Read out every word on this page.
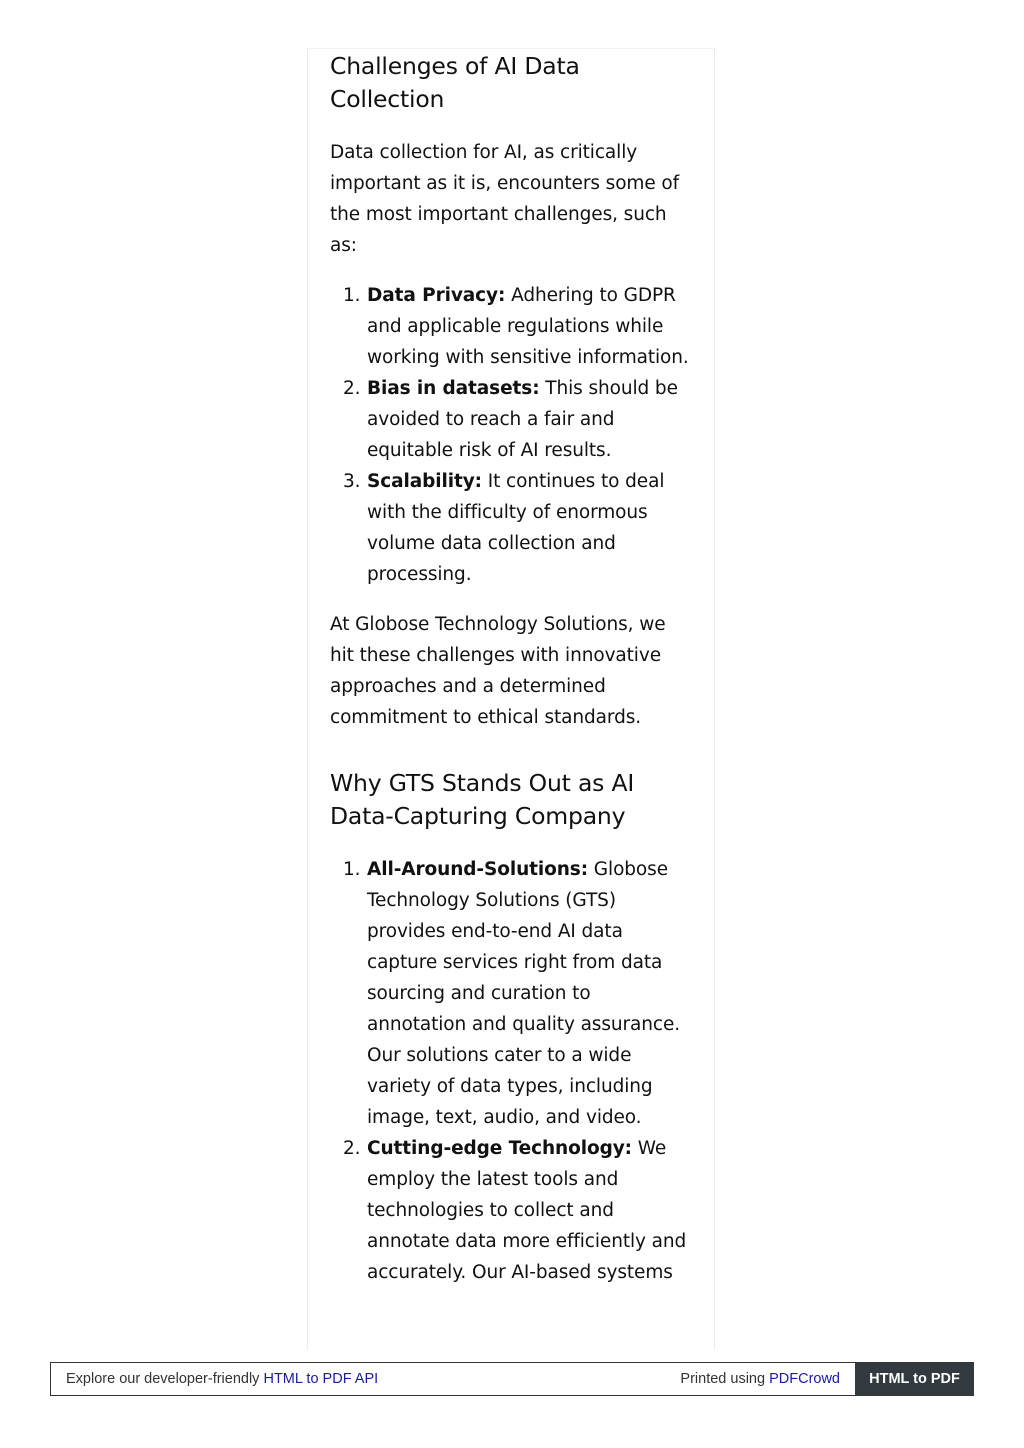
Challenges of AI Data Collection

Data collection for AI, as critically important as it is, encounters some of the most important challenges, such as:

1. Data Privacy: Adhering to GDPR and applicable regulations while working with sensitive information.
2. Bias in datasets: This should be avoided to reach a fair and equitable risk of AI results.
3. Scalability: It continues to deal with the difficulty of enormous volume data collection and processing.

At Globose Technology Solutions, we hit these challenges with innovative approaches and a determined commitment to ethical standards.

Why GTS Stands Out as AI Data-Capturing Company
1. All-Around-Solutions: Globose Technology Solutions (GTS) provides end-to-end AI data capture services right from data sourcing and curation to annotation and quality assurance. Our solutions cater to a wide variety of data types, including image, text, audio, and video.
2. Cutting-edge Technology: We employ the latest tools and technologies to collect and annotate data more efficiently and accurately. Our AI-based systems
Explore our developer-friendly HTML to PDF API	Printed using PDFCrowd	HTML to PDF
